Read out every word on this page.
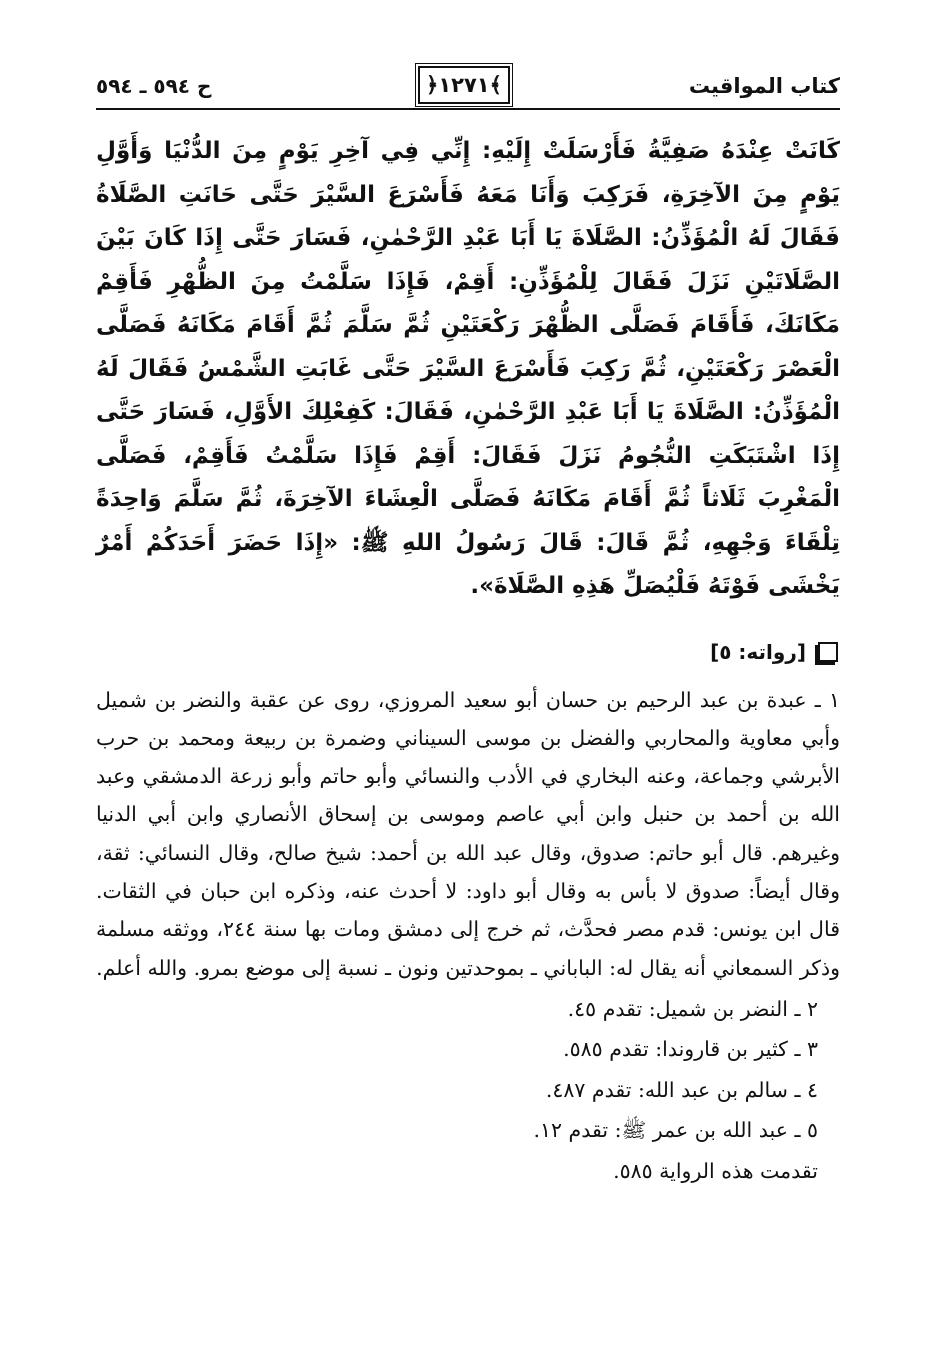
كتاب المواقيت
﴿١٢٧١﴾
ح ٥٩٤ ـ ٥٩٤
كَانَتْ عِنْدَهُ صَفِيَّةُ فَأَرْسَلَتْ إِلَيْهِ: إِنِّي فِي آخِرِ يَوْمٍ مِنَ الدُّنْيَا وَأَوَّلِ يَوْمٍ مِنَ الآخِرَةِ، فَرَكِبَ وَأَنَا مَعَهُ فَأَسْرَعَ السَّيْرَ حَتَّى حَانَتِ الصَّلَاةُ فَقَالَ لَهُ الْمُؤَذِّنُ: الصَّلَاةَ يَا أَبَا عَبْدِ الرَّحْمٰنِ، فَسَارَ حَتَّى إِذَا كَانَ بَيْنَ الصَّلَاتَيْنِ نَزَلَ فَقَالَ لِلْمُؤَذِّنِ: أَقِمْ، فَإِذَا سَلَّمْتُ مِنَ الظُّهْرِ فَأَقِمْ مَكَانَكَ، فَأَقَامَ فَصَلَّى الظُّهْرَ رَكْعَتَيْنِ ثُمَّ سَلَّمَ ثُمَّ أَقَامَ مَكَانَهُ فَصَلَّى الْعَصْرَ رَكْعَتَيْنِ، ثُمَّ رَكِبَ فَأَسْرَعَ السَّيْرَ حَتَّى غَابَتِ الشَّمْسُ فَقَالَ لَهُ الْمُؤَذِّنُ: الصَّلَاةَ يَا أَبَا عَبْدِ الرَّحْمٰنِ، فَقَالَ: كَفِعْلِكَ الأَوَّلِ، فَسَارَ حَتَّى إِذَا اشْتَبَكَتِ النُّجُومُ نَزَلَ فَقَالَ: أَقِمْ فَإِذَا سَلَّمْتُ فَأَقِمْ، فَصَلَّى الْمَغْرِبَ ثَلَاثاً ثُمَّ أَقَامَ مَكَانَهُ فَصَلَّى الْعِشَاءَ الآخِرَةَ، ثُمَّ سَلَّمَ وَاحِدَةً تِلْقَاءَ وَجْهِهِ، ثُمَّ قَالَ: قَالَ رَسُولُ اللهِ ﷺ: «إِذَا حَضَرَ أَحَدَكُمْ أَمْرٌ يَخْشَى فَوْتَهُ فَلْيُصَلِّ هَذِهِ الصَّلَاةَ».
[رواته: ٥]

١ ـ عبدة بن عبد الرحيم بن حسان أبو سعيد المروزي، روى عن عقبة والنضر بن شميل وأبي معاوية والمحاربي والفضل بن موسى السيناني وضمرة بن ربيعة ومحمد بن حرب الأبرشي وجماعة، وعنه البخاري في الأدب والنسائي وأبو حاتم وأبو زرعة الدمشقي وعبد الله بن أحمد بن حنبل وابن أبي عاصم وموسى بن إسحاق الأنصاري وابن أبي الدنيا وغيرهم. قال أبو حاتم: صدوق، وقال عبد الله بن أحمد: شيخ صالح، وقال النسائي: ثقة، وقال أيضاً: صدوق لا بأس به وقال أبو داود: لا أحدث عنه، وذكره ابن حبان في الثقات. قال ابن يونس: قدم مصر فحدَّث، ثم خرج إلى دمشق ومات بها سنة ٢٤٤، ووثقه مسلمة وذكر السمعاني أنه يقال له: الباباني ـ بموحدتين ونون ـ نسبة إلى موضع بمرو. والله أعلم.

٢ ـ النضر بن شميل: تقدم ٤٥.
٣ ـ كثير بن قاروندا: تقدم ٥٨٥.
٤ ـ سالم بن عبد الله: تقدم ٤٨٧.
٥ ـ عبد الله بن عمر ﷺ: تقدم ١٢.
تقدمت هذه الرواية ٥٨٥.
